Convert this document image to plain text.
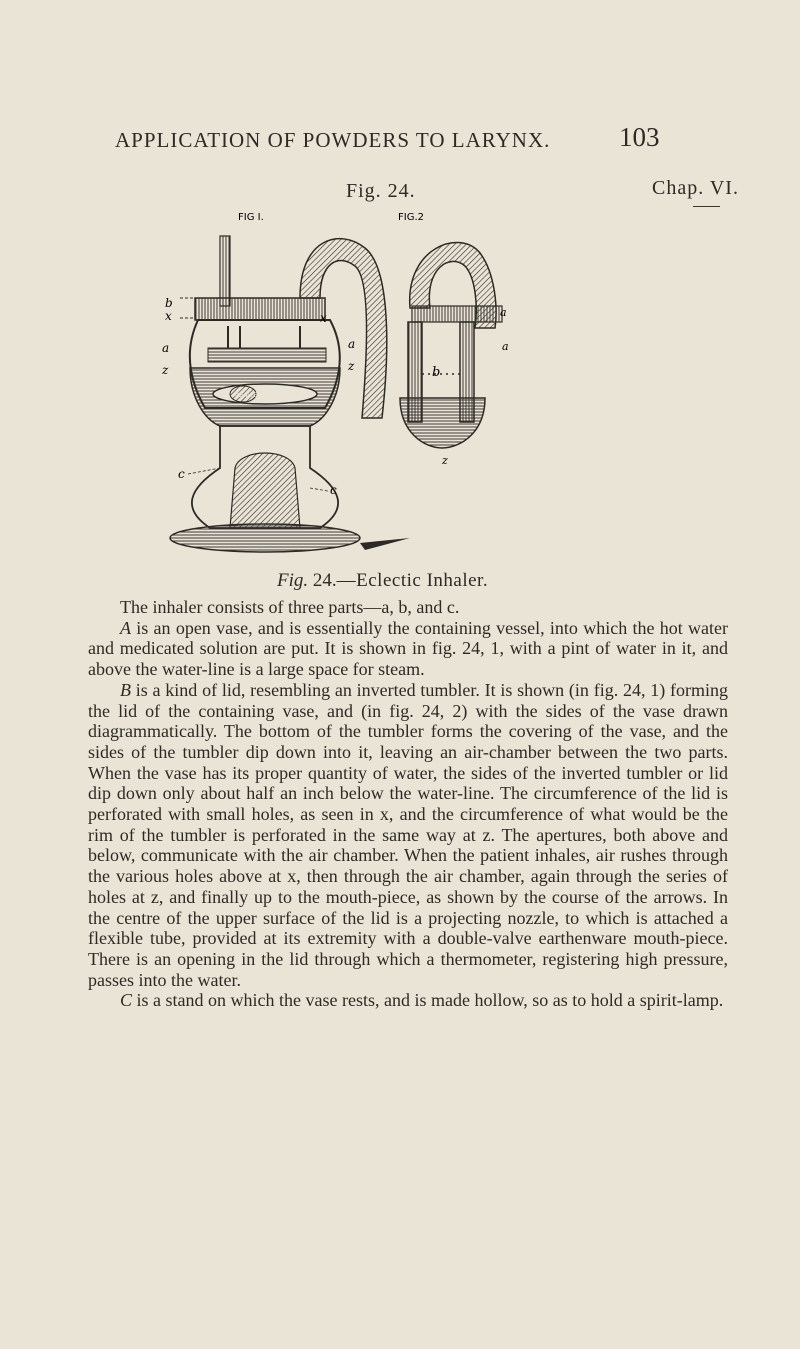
APPLICATION OF POWDERS TO LARYNX.	103
Fig. 24.	Chap. VI.
FIG I.	FIG.2
INHALER
b
x
a
z
x
a
z
c
c
b
a
a
z
Fig. 24.—Eclectic Inhaler.

The inhaler consists of three parts—a, b, and c.

A is an open vase, and is essentially the containing vessel, into which the hot water and medicated solution are put. It is shown in fig. 24, 1, with a pint of water in it, and above the water-line is a large space for steam.

B is a kind of lid, resembling an inverted tumbler. It is shown (in fig. 24, 1) forming the lid of the containing vase, and (in fig. 24, 2) with the sides of the vase drawn diagrammatically. The bottom of the tumbler forms the covering of the vase, and the sides of the tumbler dip down into it, leaving an air-chamber between the two parts. When the vase has its proper quantity of water, the sides of the inverted tumbler or lid dip down only about half an inch below the water-line. The circumference of the lid is perforated with small holes, as seen in x, and the circumference of what would be the rim of the tumbler is perforated in the same way at z. The apertures, both above and below, communicate with the air chamber. When the patient inhales, air rushes through the various holes above at x, then through the air chamber, again through the series of holes at z, and finally up to the mouth-piece, as shown by the course of the arrows. In the centre of the upper surface of the lid is a projecting nozzle, to which is attached a flexible tube, provided at its extremity with a double-valve earthenware mouth-piece. There is an opening in the lid through which a thermometer, registering high pressure, passes into the water.

C is a stand on which the vase rests, and is made hollow, so as to hold a spirit-lamp.
